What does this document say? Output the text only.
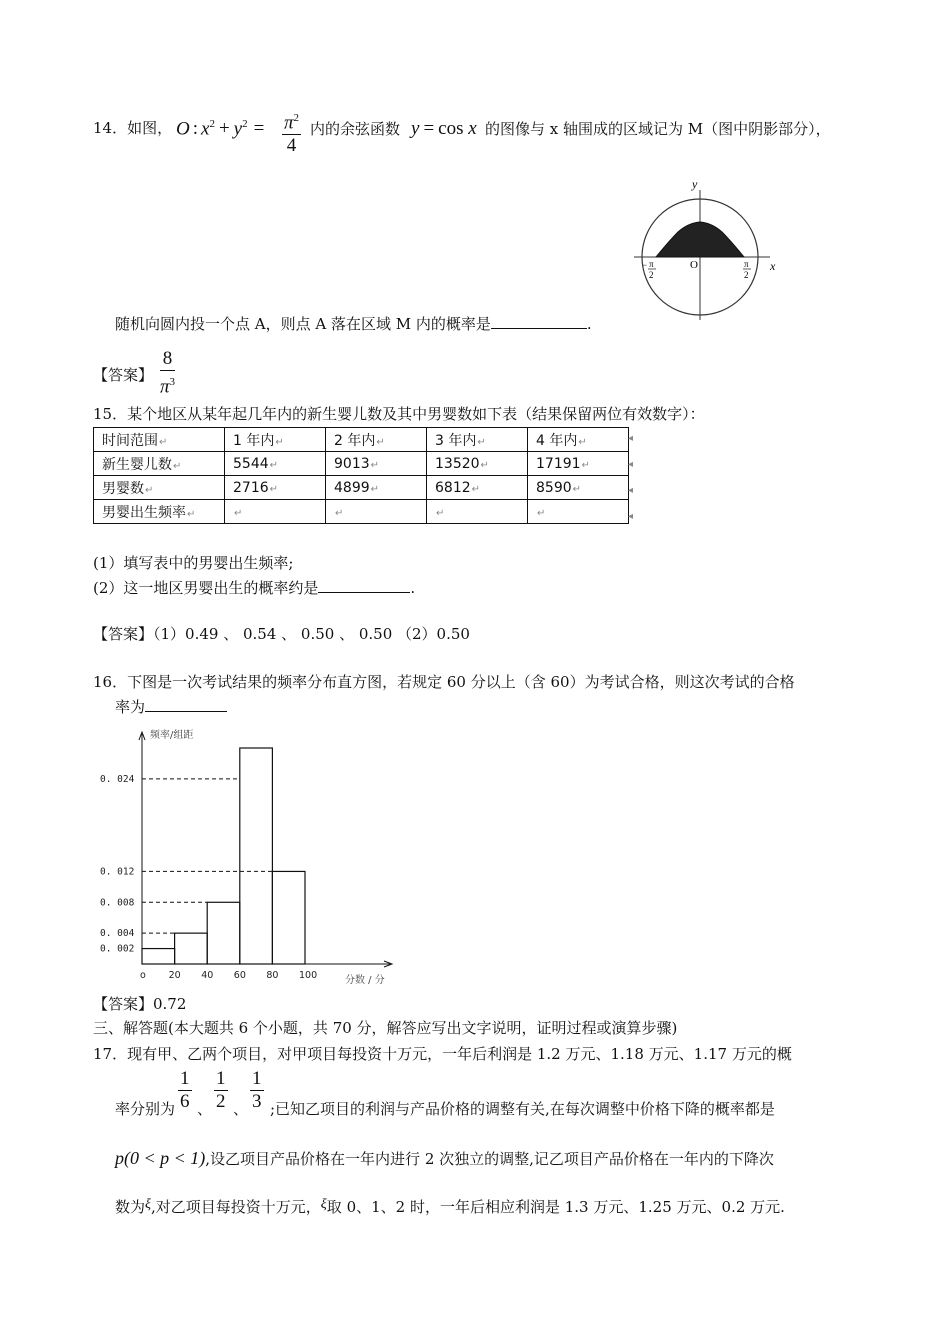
14．如图， O : $x^2 + y^2 = \frac{\pi^2}{4}$ 内的余弦函数 y = cos x 的图像与 x 轴围成的区域记为 M（图中阴影部分），
x
y
O
− π
2
π
2
随机向圆内投一个点 A，则点 A 落在区域 M 内的概率是	.
【答案】 $\frac{8}{\pi^3}$
15．某个地区从某年起几年内的新生婴儿数及其中男婴数如下表（结果保留两位有效数字）：
时间范围↵	1 年内↵	2 年内↵	3 年内↵	4 年内↵
新生婴儿数↵	5544↵	9013↵	13520↵	17191↵
男婴数↵	2716↵	4899↵	6812↵	8590↵
男婴出生频率↵	↵	↵	↵	↵
◂
◂
◂
◂
(1）填写表中的男婴出生频率;
(2）这一地区男婴出生的概率约是	.
【答案】（1）0.49 、 0.54 、 0.50 、 0.50 （2）0.50
16．下图是一次考试结果的频率分布直方图，若规定 60 分以上（含 60）为考试合格，则这次考试的合格
率为
频率/组距
分数 / 分
0. 024
0. 012
0. 008
0. 004
0. 002
o 20 40 60 80 100
【答案】0.72
三、解答题(本大题共 6 个小题，共 70 分，解答应写出文字说明，证明过程或演算步骤)
17．现有甲、乙两个项目，对甲项目每投资十万元，一年后利润是 1.2 万元、1.18 万元、1.17 万元的概
率分别为 $\frac{1}{6}$ 、 $\frac{1}{2}$ 、 $\frac{1}{3}$ ;已知乙项目的利润与产品价格的调整有关,在每次调整中价格下降的概率都是
p(0 < p < 1),设乙项目产品价格在一年内进行 2 次独立的调整,记乙项目产品价格在一年内的下降次
数为ξ,对乙项目每投资十万元，ξ取 0、1、2 时，一年后相应利润是 1.3 万元、1.25 万元、0.2 万元.
